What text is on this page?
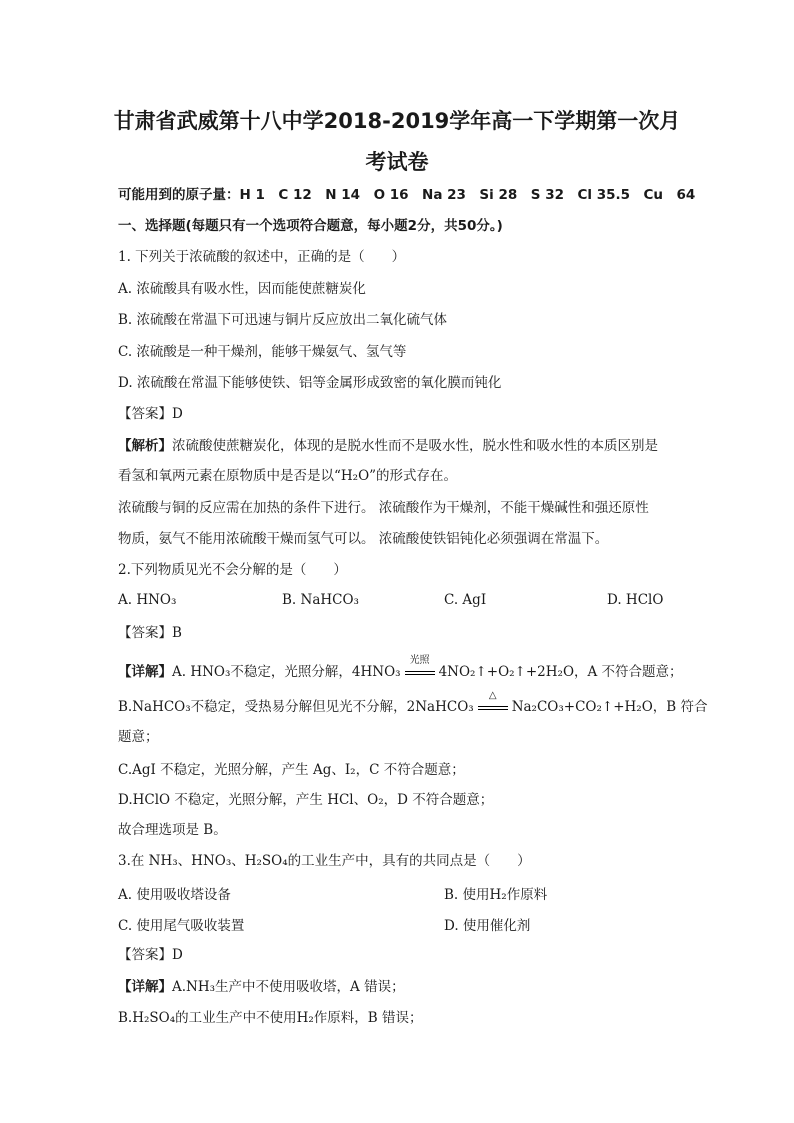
甘肃省武威第十八中学2018-2019学年高一下学期第一次月
考试卷
可能用到的原子量：H 1　C 12　N 14　O 16　Na 23　Si 28　S 32　Cl 35.5　Cu　64
一、选择题(每题只有一个选项符合题意，每小题2分，共50分。)
1. 下列关于浓硫酸的叙述中，正确的是（　　）
A. 浓硫酸具有吸水性，因而能使蔗糖炭化
B. 浓硫酸在常温下可迅速与铜片反应放出二氧化硫气体
C. 浓硫酸是一种干燥剂，能够干燥氨气、氢气等
D. 浓硫酸在常温下能够使铁、铝等金属形成致密的氧化膜而钝化
【答案】D
【解析】浓硫酸使蔗糖炭化，体现的是脱水性而不是吸水性，脱水性和吸水性的本质区别是
看氢和氧两元素在原物质中是否是以“H₂O”的形式存在。
浓硫酸与铜的反应需在加热的条件下进行。 浓硫酸作为干燥剂，不能干燥碱性和强还原性
物质，氨气不能用浓硫酸干燥而氢气可以。 浓硫酸使铁铝钝化必须强调在常温下。
2.下列物质见光不会分解的是（　　）
A. HNO₃	B. NaHCO₃	C. AgI	D. HClO
【答案】B
【详解】A. HNO₃不稳定，光照分解，4HNO₃
光照
4NO₂↑+O₂↑+2H₂O，A 不符合题意；
B.NaHCO₃不稳定，受热易分解但见光不分解，2NaHCO₃
△
Na₂CO₃+CO₂↑+H₂O，B 符合
题意；
C.AgI 不稳定，光照分解，产生 Ag、I₂，C 不符合题意；
D.HClO 不稳定，光照分解，产生 HCl、O₂，D 不符合题意；
故合理选项是 B。
3.在 NH₃、HNO₃、H₂SO₄的工业生产中，具有的共同点是（　　）
A. 使用吸收塔设备	B. 使用H₂作原料
C. 使用尾气吸收装置	D. 使用催化剂
【答案】D
【详解】A.NH₃生产中不使用吸收塔，A 错误；
B.H₂SO₄的工业生产中不使用H₂作原料，B 错误；
